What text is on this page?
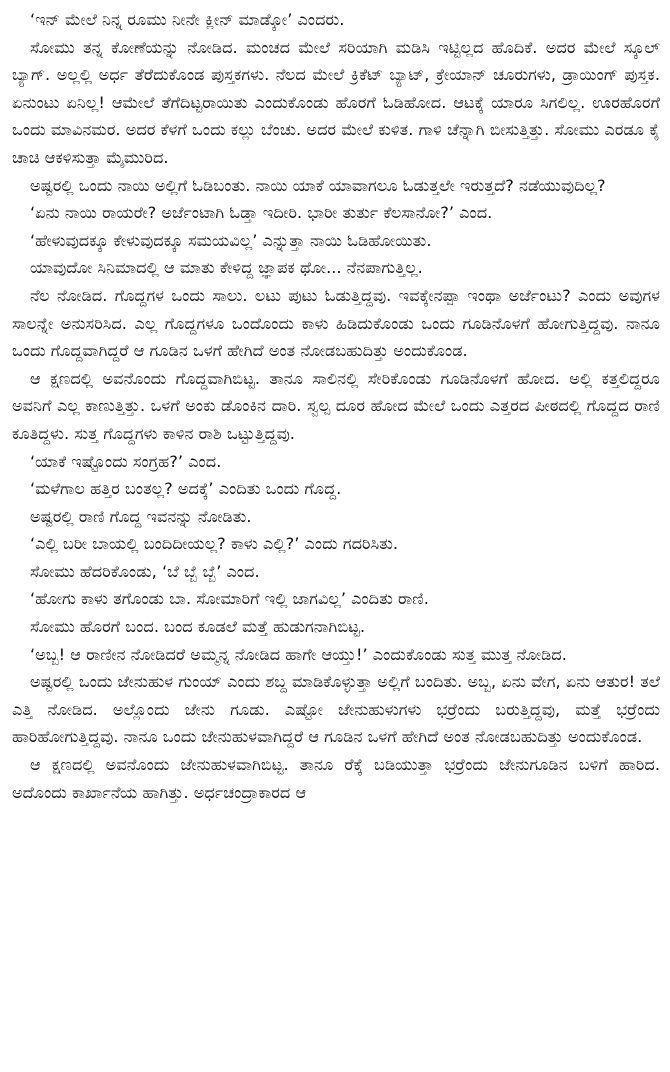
‘ಇನ್ ಮೇಲೆ ನಿನ್ನ ರೂಮು ನೀನೇ ಕ್ಲೀನ್ ಮಾಡ್ಕೋ’ ಎಂದರು.

ಸೋಮು ತನ್ನ ಕೋಣೆಯನ್ನು ನೋಡಿದ. ಮಂಚದ ಮೇಲೆ ಸರಿಯಾಗಿ ಮಡಿಸಿ ಇಟ್ಟಿಲ್ಲದ ಹೊದಿಕೆ. ಅದರ ಮೇಲೆ ಸ್ಕೂಲ್ ಬ್ಯಾಗ್. ಅಲ್ಲಲ್ಲಿ ಅರ್ಧ ತೆರೆದುಕೊಂಡ ಪುಸ್ತಕಗಳು. ನೆಲದ ಮೇಲೆ ಕ್ರಿಕೆಟ್ ಬ್ಯಾಟ್, ಕ್ರೇಯಾನ್ ಚೂರುಗಳು, ಡ್ರಾಯಿಂಗ್ ಪುಸ್ತಕ. ಏನುಂಟು ಏನಿಲ್ಲ! ಆಮೇಲೆ ತೆಗೆದಿಟ್ಟರಾಯಿತು ಎಂದುಕೊಂಡು ಹೊರಗೆ ಓಡಿಹೋದ. ಆಟಕ್ಕೆ ಯಾರೂ ಸಿಗಲಿಲ್ಲ. ಊರಹೊರಗೆ ಒಂದು ಮಾವಿನಮರ. ಅದರ ಕೆಳಗೆ ಒಂದು ಕಲ್ಲು ಬೆಂಚು. ಅದರ ಮೇಲೆ ಕುಳಿತ. ಗಾಳಿ ಚೆನ್ನಾಗಿ ಬೀಸುತ್ತಿತ್ತು. ಸೋಮು ಎರಡೂ ಕೈ ಚಾಚಿ ಆಕಳಿಸುತ್ತಾ ಮೈಮುರಿದ.

ಅಷ್ಟರಲ್ಲಿ ಒಂದು ನಾಯಿ ಅಲ್ಲಿಗೆ ಓಡಿಬಂತು. ನಾಯಿ ಯಾಕೆ ಯಾವಾಗಲೂ ಓಡುತ್ತಲೇ ಇರುತ್ತದೆ? ನಡೆಯುವುದಿಲ್ಲ?

‘ಏನು ನಾಯಿ ರಾಯರೇ? ಅರ್ಜೆಂಟಾಗಿ ಓಡ್ತಾ ಇದೀರಿ. ಭಾರೀ ತುರ್ತು ಕೆಲಸಾನೋ?’ ಎಂದ.

‘ಹೇಳುವುದಕ್ಕೂ ಕೇಳುವುದಕ್ಕೂ ಸಮಯವಿಲ್ಲ’ ಎನ್ನುತ್ತಾ ನಾಯಿ ಓಡಿಹೋಯಿತು.

ಯಾವುದೋ ಸಿನಿಮಾದಲ್ಲಿ ಆ ಮಾತು ಕೇಳಿದ್ದ ಜ್ಞಾಪಕ ಥೋ... ನೆನಪಾಗುತ್ತಿಲ್ಲ.

ನೆಲ ನೋಡಿದ. ಗೊದ್ದಗಳ ಒಂದು ಸಾಲು. ಲಟು ಪುಟು ಓಡುತ್ತಿದ್ದವು. ಇವಕ್ಕೇನಪ್ಪಾ ಇಂಥಾ ಅರ್ಜೆಂಟು? ಎಂದು ಅವುಗಳ ಸಾಲನ್ನೇ ಅನುಸರಿಸಿದ. ಎಲ್ಲ ಗೊದ್ದಗಳೂ ಒಂದೊಂದು ಕಾಳು ಹಿಡಿದುಕೊಂಡು ಒಂದು ಗೂಡಿನೊಳಗೆ ಹೋಗುತ್ತಿದ್ದವು. ನಾನೂ ಒಂದು ಗೊದ್ದವಾಗಿದ್ದರೆ ಆ ಗೂಡಿನ ಒಳಗೆ ಹೇಗಿದೆ ಅಂತ ನೋಡಬಹುದಿತ್ತು ಅಂದುಕೊಂಡ.

ಆ ಕ್ಷಣದಲ್ಲಿ ಅವನೊಂದು ಗೊದ್ದವಾಗಿಬಿಟ್ಟ. ತಾನೂ ಸಾಲಿನಲ್ಲಿ ಸೇರಿಕೊಂಡು ಗೂಡಿನೊಳಗೆ ಹೋದ. ಅಲ್ಲಿ ಕತ್ತಲಿದ್ದರೂ ಅವನಿಗೆ ಎಲ್ಲ ಕಾಣುತ್ತಿತ್ತು. ಒಳಗೆ ಅಂಕು ಡೊಂಕಿನ ದಾರಿ. ಸ್ವಲ್ಪ ದೂರ ಹೋದ ಮೇಲೆ ಒಂದು ಎತ್ತರದ ಪೀಠದಲ್ಲಿ ಗೊದ್ದದ ರಾಣಿ ಕೂತಿದ್ದಳು. ಸುತ್ತ ಗೊದ್ದಗಳು ಕಾಳಿನ ರಾಶಿ ಒಟ್ಟುತ್ತಿದ್ದವು.

‘ಯಾಕೆ ಇಷ್ಟೊಂದು ಸಂಗ್ರಹ?’ ಎಂದ.

‘ಮಳೆಗಾಲ ಹತ್ತಿರ ಬಂತಲ್ಲ? ಅದಕ್ಕೆ’ ಎಂದಿತು ಒಂದು ಗೊದ್ದ.

ಅಷ್ಟರಲ್ಲಿ ರಾಣಿ ಗೊದ್ದ ಇವನನ್ನು ನೋಡಿತು.

‘ಎಲ್ಲಿ ಬರೀ ಬಾಯಲ್ಲಿ ಬಂದಿದೀಯಲ್ಲ? ಕಾಳು ಎಲ್ಲಿ?’ ಎಂದು ಗದರಿಸಿತು.

ಸೋಮು ಹೆದರಿಕೊಂಡು, ‘ಬೆ ಬ್ಬೆ ಬ್ಬೆ’ ಎಂದ.

‘ಹೋಗು ಕಾಳು ತಗೊಂಡು ಬಾ. ಸೋಮಾರಿಗೆ ಇಲ್ಲಿ ಜಾಗವಿಲ್ಲ’ ಎಂದಿತು ರಾಣಿ.

ಸೋಮು ಹೊರಗೆ ಬಂದ. ಬಂದ ಕೂಡಲೆ ಮತ್ತೆ ಹುಡುಗನಾಗಿಬಿಟ್ಟ.

‘ಅಬ್ಬ! ಆ ರಾಣೀನ ನೋಡಿದರೆ ಅಮ್ಮನ್ನ ನೋಡಿದ ಹಾಗೇ ಆಯ್ತು!’ ಎಂದುಕೊಂಡು ಸುತ್ತ ಮುತ್ತ ನೋಡಿದ.

ಅಷ್ಟರಲ್ಲಿ ಒಂದು ಜೇನುಹುಳ ಗುಂಯ್ ಎಂದು ಶಬ್ದ ಮಾಡಿಕೊಳ್ಳುತ್ತಾ ಅಲ್ಲಿಗೆ ಬಂದಿತು. ಅಬ್ಬ, ಏನು ವೇಗ, ಏನು ಆತುರ! ತಲೆ ಎತ್ತಿ ನೋಡಿದ. ಅಲ್ಲೊಂದು ಜೇನು ಗೂಡು. ಎಷ್ಟೋ ಜೇನುಹುಳುಗಳು ಭರ್ರೆಂದು ಬರುತ್ತಿದ್ದವು, ಮತ್ತೆ ಭರ್ರೆಂದು ಹಾರಿಹೋಗುತ್ತಿದ್ದವು. ನಾನೂ ಒಂದು ಜೇನುಹುಳವಾಗಿದ್ದರೆ ಆ ಗೂಡಿನ ಒಳಗೆ ಹೇಗಿದೆ ಅಂತ ನೋಡಬಹುದಿತ್ತು ಅಂದುಕೊಂಡ.

ಆ ಕ್ಷಣದಲ್ಲಿ ಅವನೊಂದು ಜೇನುಹುಳವಾಗಿಬಿಟ್ಟ. ತಾನೂ ರೆಕ್ಕೆ ಬಡಿಯುತ್ತಾ ಭರ್ರೆಂದು ಜೇನುಗೂಡಿನ ಬಳಿಗೆ ಹಾರಿದ. ಅದೊಂದು ಕಾರ್ಖಾನೆಯ ಹಾಗಿತ್ತು. ಅರ್ಧಚಂದ್ರಾಕಾರದ ಆ
